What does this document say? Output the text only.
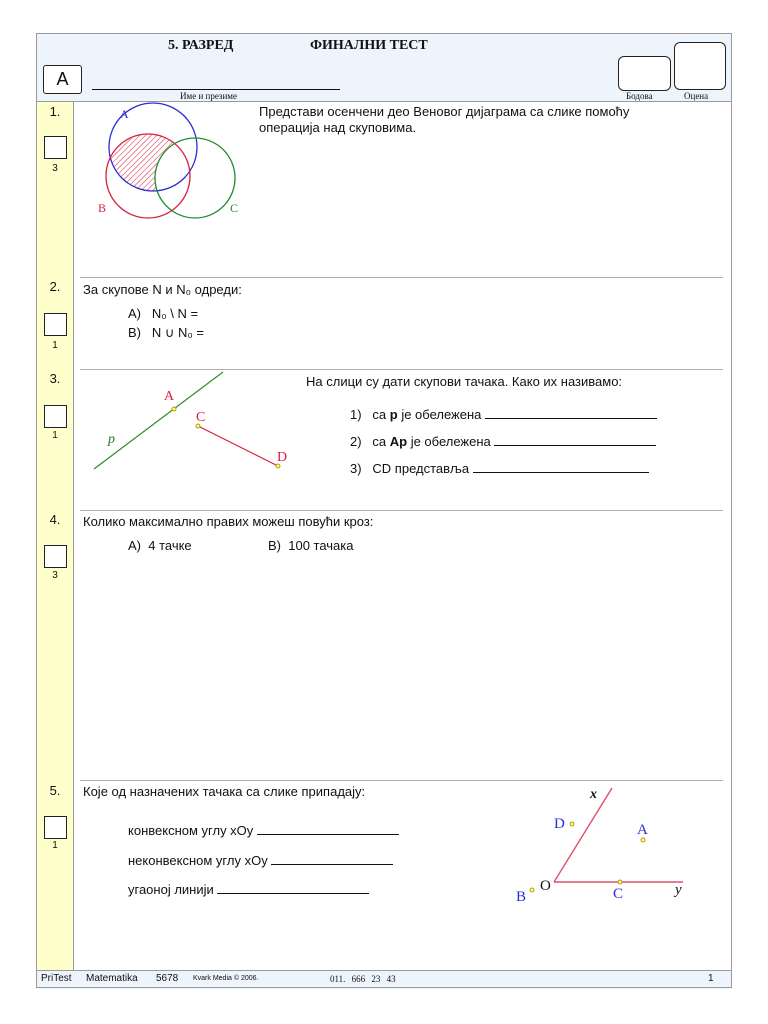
5. РАЗРЕД	ФИНАЛНИ ТЕСТ
A
Име и презиме	Бодова	Оцена
1.
3
Представи осенчени део Веновог дијаграма са слике помоћу
операција над скуповима.
A
B	C
2.
1
За скупове N и N₀ одреди:
A) N₀ \ N =
B) N ∪ N₀ =
3.
1
На слици су дати скупови тачака. Како их називамо:
p
A
C
D
1) са p је обележена
2) са Ap је обележена
3) CD представља
4.
3
Колико максимално правих можеш повући кроз:
A) 4 тачке	B) 100 тачака
5.
1
Које од назначених тачака са слике припадају:
конвексном углу xOy
неконвексном углу xOy
угаоној линији
x
y
O
D	A
B	C
PriTest Matematika 5678 Kvark Media © 2006.	011. 666 23 43	1
